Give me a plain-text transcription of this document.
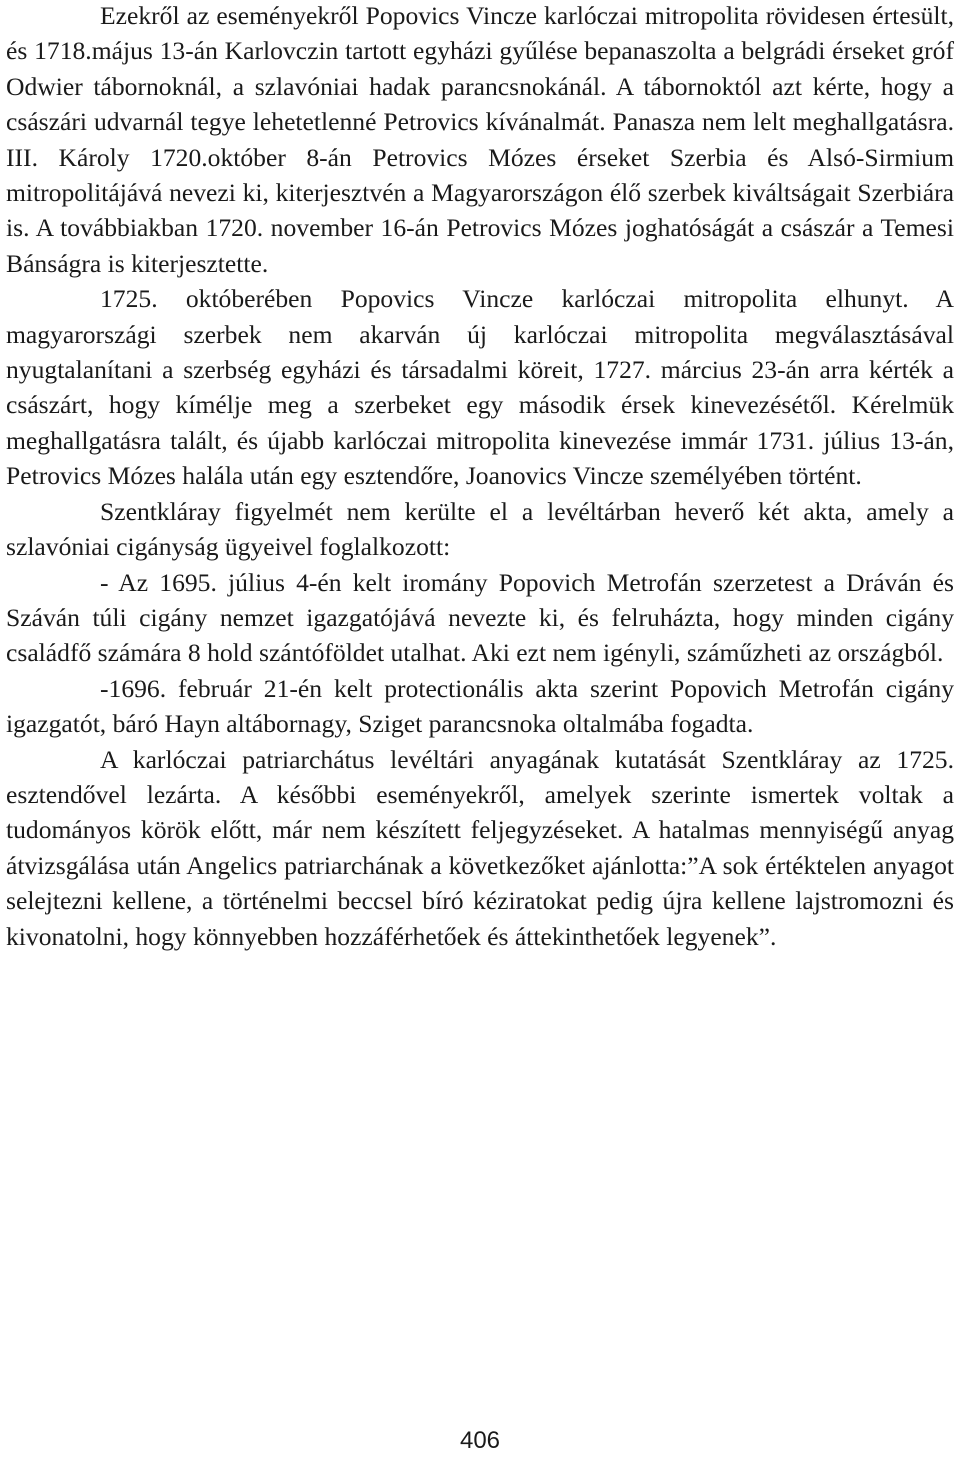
Ezekről az eseményekről Popovics Vincze karlóczai mitropolita rövidesen értesült, és 1718.május 13-án Karlovczin tartott egyházi gyűlése bepanaszolta a belgrádi érseket gróf Odwier tábornoknál, a szlavóniai hadak parancsnokánál. A tábornoktól azt kérte, hogy a császári udvarnál tegye lehetetlenné Petrovics kívánalmát. Panasza nem lelt meghallgatásra. III. Károly 1720.október 8-án Petrovics Mózes érseket Szerbia és Alsó-Sirmium mitropolitájává nevezi ki, kiterjesztvén a Magyarországon élő szerbek kiváltságait Szerbiára is. A továbbiakban 1720. november 16-án Petrovics Mózes joghatóságát a császár a Temesi Bánságra is kiterjesztette.

1725. októberében Popovics Vincze karlóczai mitropolita elhunyt. A magyarországi szerbek nem akarván új karlóczai mitropolita megválasztásával nyugtalanítani a szerbség egyházi és társadalmi köreit, 1727. március 23-án arra kérték a császárt, hogy kímélje meg a szerbeket egy második érsek kinevezésétől. Kérelmük meghallgatásra talált, és újabb karlóczai mitropolita kinevezése immár 1731. július 13-án, Petrovics Mózes halála után egy esztendőre, Joanovics Vincze személyében történt.

Szentkláray figyelmét nem kerülte el a levéltárban heverő két akta, amely a szlavóniai cigányság ügyeivel foglalkozott:

- Az 1695. július 4-én kelt iromány Popovich Metrofán szerzetest a Dráván és Száván túli cigány nemzet igazgatójává nevezte ki, és felruházta, hogy minden cigány családfő számára 8 hold szántóföldet utalhat. Aki ezt nem igényli, száműzheti az országból.

-1696. február 21-én kelt protectionális akta szerint Popovich Metrofán cigány igazgatót, báró Hayn altábornagy, Sziget parancsnoka oltalmába fogadta.

A karlóczai patriarchátus levéltári anyagának kutatását Szentkláray az 1725. esztendővel lezárta. A későbbi eseményekről, amelyek szerinte ismertek voltak a tudományos körök előtt, már nem készített feljegyzéseket. A hatalmas mennyiségű anyag átvizsgálása után Angelics patriarchának a következőket ajánlotta:”A sok értéktelen anyagot selejtezni kellene, a történelmi beccsel bíró kéziratokat pedig újra kellene lajstromozni és kivonatolni, hogy könnyebben hozzáférhetőek és áttekinthetőek legyenek”.

406
